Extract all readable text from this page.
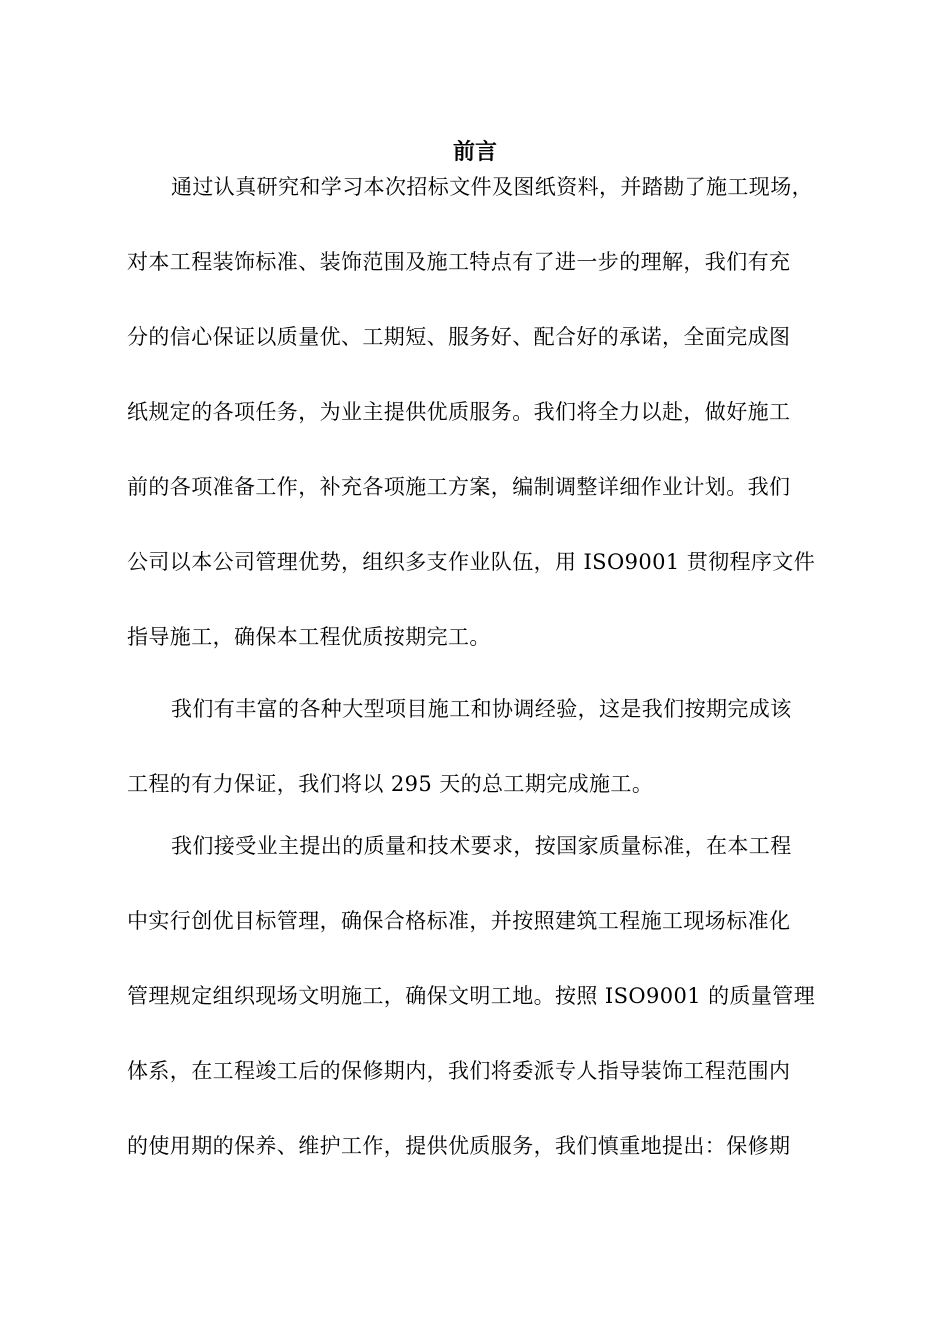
前言
通过认真研究和学习本次招标文件及图纸资料，并踏勘了施工现场，
对本工程装饰标准、装饰范围及施工特点有了进一步的理解，我们有充
分的信心保证以质量优、工期短、服务好、配合好的承诺，全面完成图
纸规定的各项任务，为业主提供优质服务。我们将全力以赴，做好施工
前的各项准备工作，补充各项施工方案，编制调整详细作业计划。我们
公司以本公司管理优势，组织多支作业队伍，用 ISO9001 贯彻程序文件
指导施工，确保本工程优质按期完工。
我们有丰富的各种大型项目施工和协调经验，这是我们按期完成该
工程的有力保证，我们将以 295 天的总工期完成施工。
我们接受业主提出的质量和技术要求，按国家质量标准，在本工程
中实行创优目标管理，确保合格标准，并按照建筑工程施工现场标准化
管理规定组织现场文明施工，确保文明工地。按照 ISO9001 的质量管理
体系，在工程竣工后的保修期内，我们将委派专人指导装饰工程范围内
的使用期的保养、维护工作，提供优质服务，我们慎重地提出：保修期
